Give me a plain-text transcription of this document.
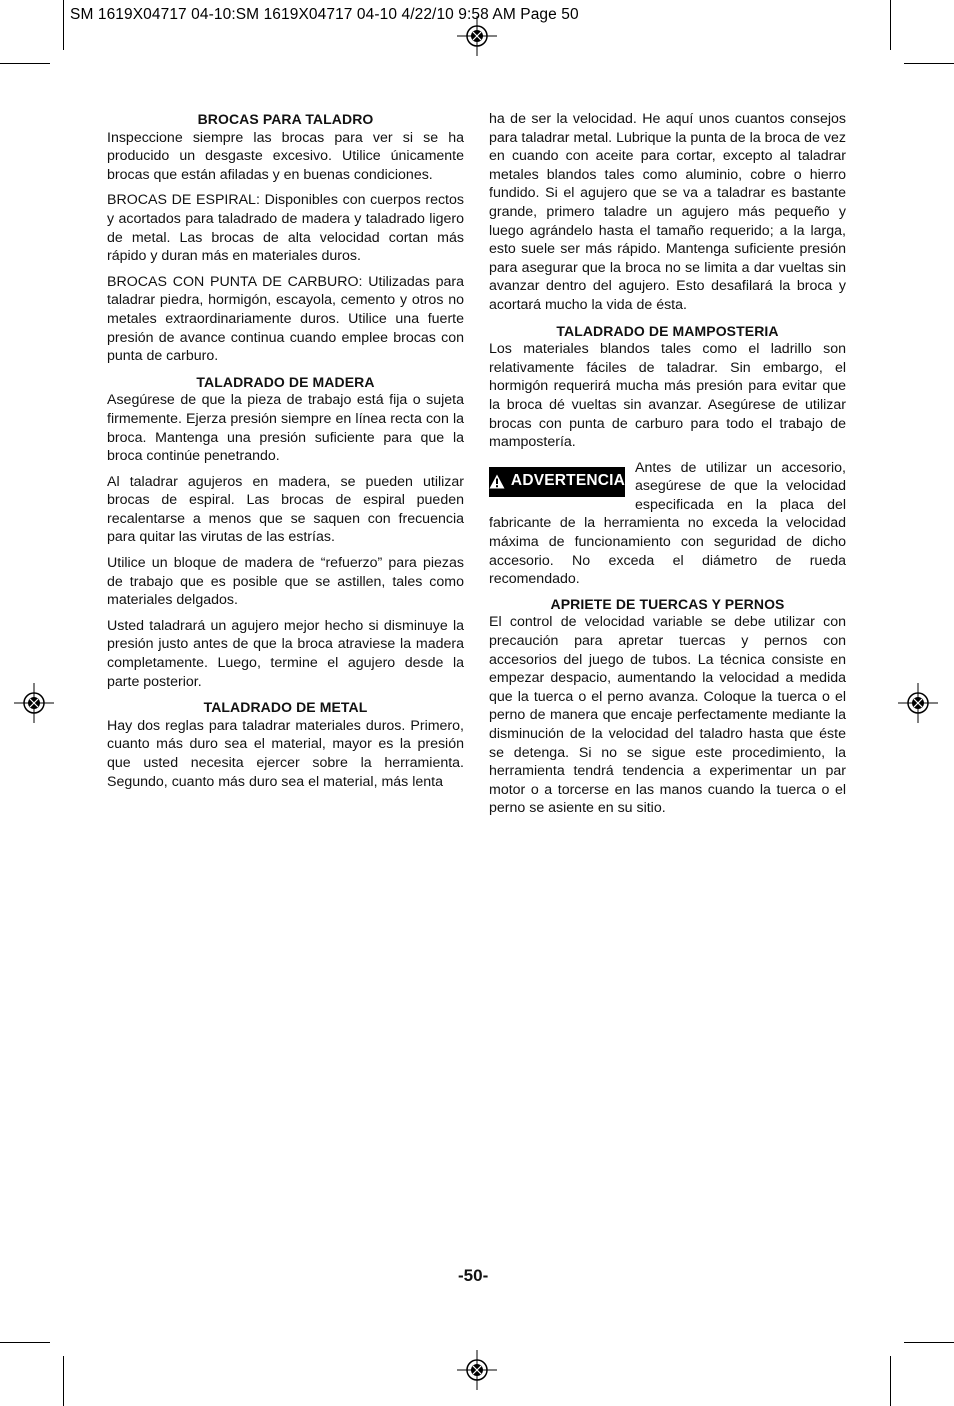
SM 1619X04717 04-10:SM 1619X04717 04-10 4/22/10 9:58 AM Page 50
BROCAS PARA TALADRO

Inspeccione siempre las brocas para ver si se ha producido un desgaste excesivo. Utilice únicamente brocas que están afiladas y en buenas condiciones.

BROCAS DE ESPIRAL: Disponibles con cuerpos rectos y acortados para taladrado de madera y taladrado ligero de metal. Las brocas de alta velocidad cortan más rápido y duran más en materiales duros.

BROCAS CON PUNTA DE CARBURO: Utilizadas para taladrar piedra, hormigón, escayola, cemento y otros no metales extraordinariamente duros. Utilice una fuerte presión de avance continua cuando emplee brocas con punta de carburo.

TALADRADO DE MADERA

Asegúrese de que la pieza de trabajo está fija o sujeta firmemente. Ejerza presión siempre en línea recta con la broca. Mantenga una presión suficiente para que la broca continúe penetrando.

Al taladrar agujeros en madera, se pueden utilizar brocas de espiral. Las brocas de espiral pueden recalentarse a menos que se saquen con frecuencia para quitar las virutas de las estrías.

Utilice un bloque de madera de “refuerzo” para piezas de trabajo que es posible que se astillen, tales como materiales delgados.

Usted taladrará un agujero mejor hecho si disminuye la presión justo antes de que la broca atraviese la madera completamente. Luego, termine el agujero desde la parte posterior.

TALADRADO DE METAL

Hay dos reglas para taladrar materiales duros. Primero, cuanto más duro sea el material, mayor es la presión que usted necesita ejercer sobre la herramienta. Segundo, cuanto más duro sea el material, más lenta

ha de ser la velocidad. He aquí unos cuantos consejos para taladrar metal. Lubrique la punta de la broca de vez en cuando con aceite para cortar, excepto al taladrar metales blandos tales como aluminio, cobre o hierro fundido. Si el agujero que se va a taladrar es bastante grande, primero taladre un agujero más pequeño y luego agrándelo hasta el tamaño requerido; a la larga, esto suele ser más rápido. Mantenga suficiente presión para asegurar que la broca no se limita a dar vueltas sin avanzar dentro del agujero. Esto desafilará la broca y acortará mucho la vida de ésta.

TALADRADO DE MAMPOSTERIA

Los materiales blandos tales como el ladrillo son relativamente fáciles de taladrar. Sin embargo, el hormigón requerirá mucha más presión para evitar que la broca dé vueltas sin avanzar. Asegúrese de utilizar brocas con punta de carburo para todo el trabajo de mampostería.

ADVERTENCIA

Antes de utilizar un accesorio, asegúrese de que la velocidad especificada en la placa del fabricante de la herramienta no exceda la velocidad máxima de funcionamiento con seguridad de dicho accesorio. No exceda el diámetro de rueda recomendado.

APRIETE DE TUERCAS Y PERNOS

El control de velocidad variable se debe utilizar con precaución para apretar tuercas y pernos con accesorios del juego de tubos. La técnica consiste en empezar despacio, aumentando la velocidad a medida que la tuerca o el perno avanza. Coloque la tuerca o el perno de manera que encaje perfectamente mediante la disminución de la velocidad del taladro hasta que éste se detenga. Si no se sigue este procedimiento, la herramienta tendrá tendencia a experimentar un par motor o a torcerse en las manos cuando la tuerca o el perno se asiente en su sitio.

-50-
